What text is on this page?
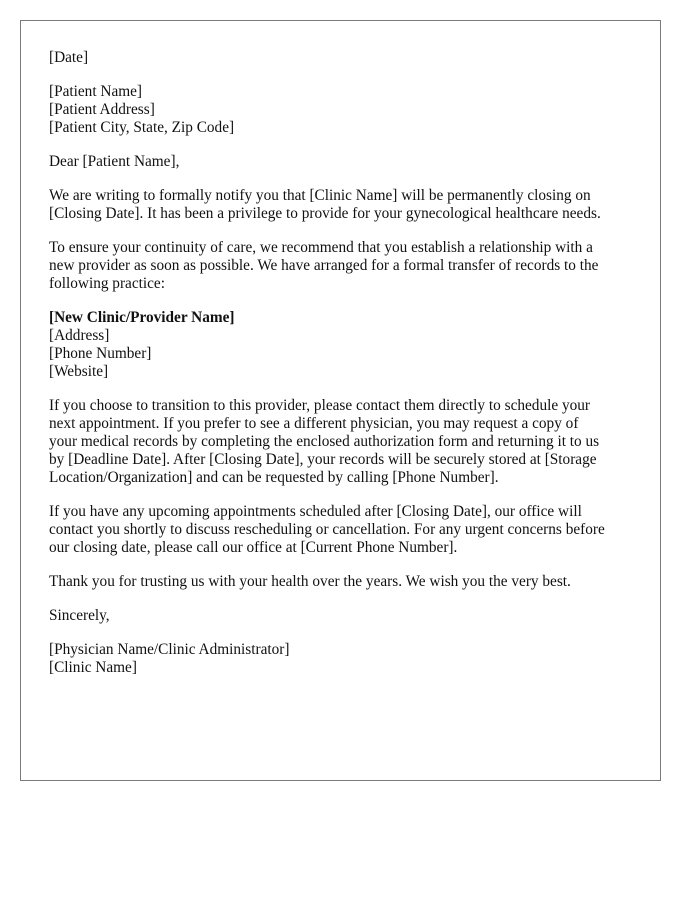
[Date]

[Patient Name]
[Patient Address]
[Patient City, State, Zip Code]

Dear [Patient Name],

We are writing to formally notify you that [Clinic Name] will be permanently closing on
[Closing Date]. It has been a privilege to provide for your gynecological healthcare needs.

To ensure your continuity of care, we recommend that you establish a relationship with a
new provider as soon as possible. We have arranged for a formal transfer of records to the
following practice:

[New Clinic/Provider Name]
[Address]
[Phone Number]
[Website]

If you choose to transition to this provider, please contact them directly to schedule your
next appointment. If you prefer to see a different physician, you may request a copy of
your medical records by completing the enclosed authorization form and returning it to us
by [Deadline Date]. After [Closing Date], your records will be securely stored at [Storage
Location/Organization] and can be requested by calling [Phone Number].

If you have any upcoming appointments scheduled after [Closing Date], our office will
contact you shortly to discuss rescheduling or cancellation. For any urgent concerns before
our closing date, please call our office at [Current Phone Number].

Thank you for trusting us with your health over the years. We wish you the very best.

Sincerely,

[Physician Name/Clinic Administrator]
[Clinic Name]
